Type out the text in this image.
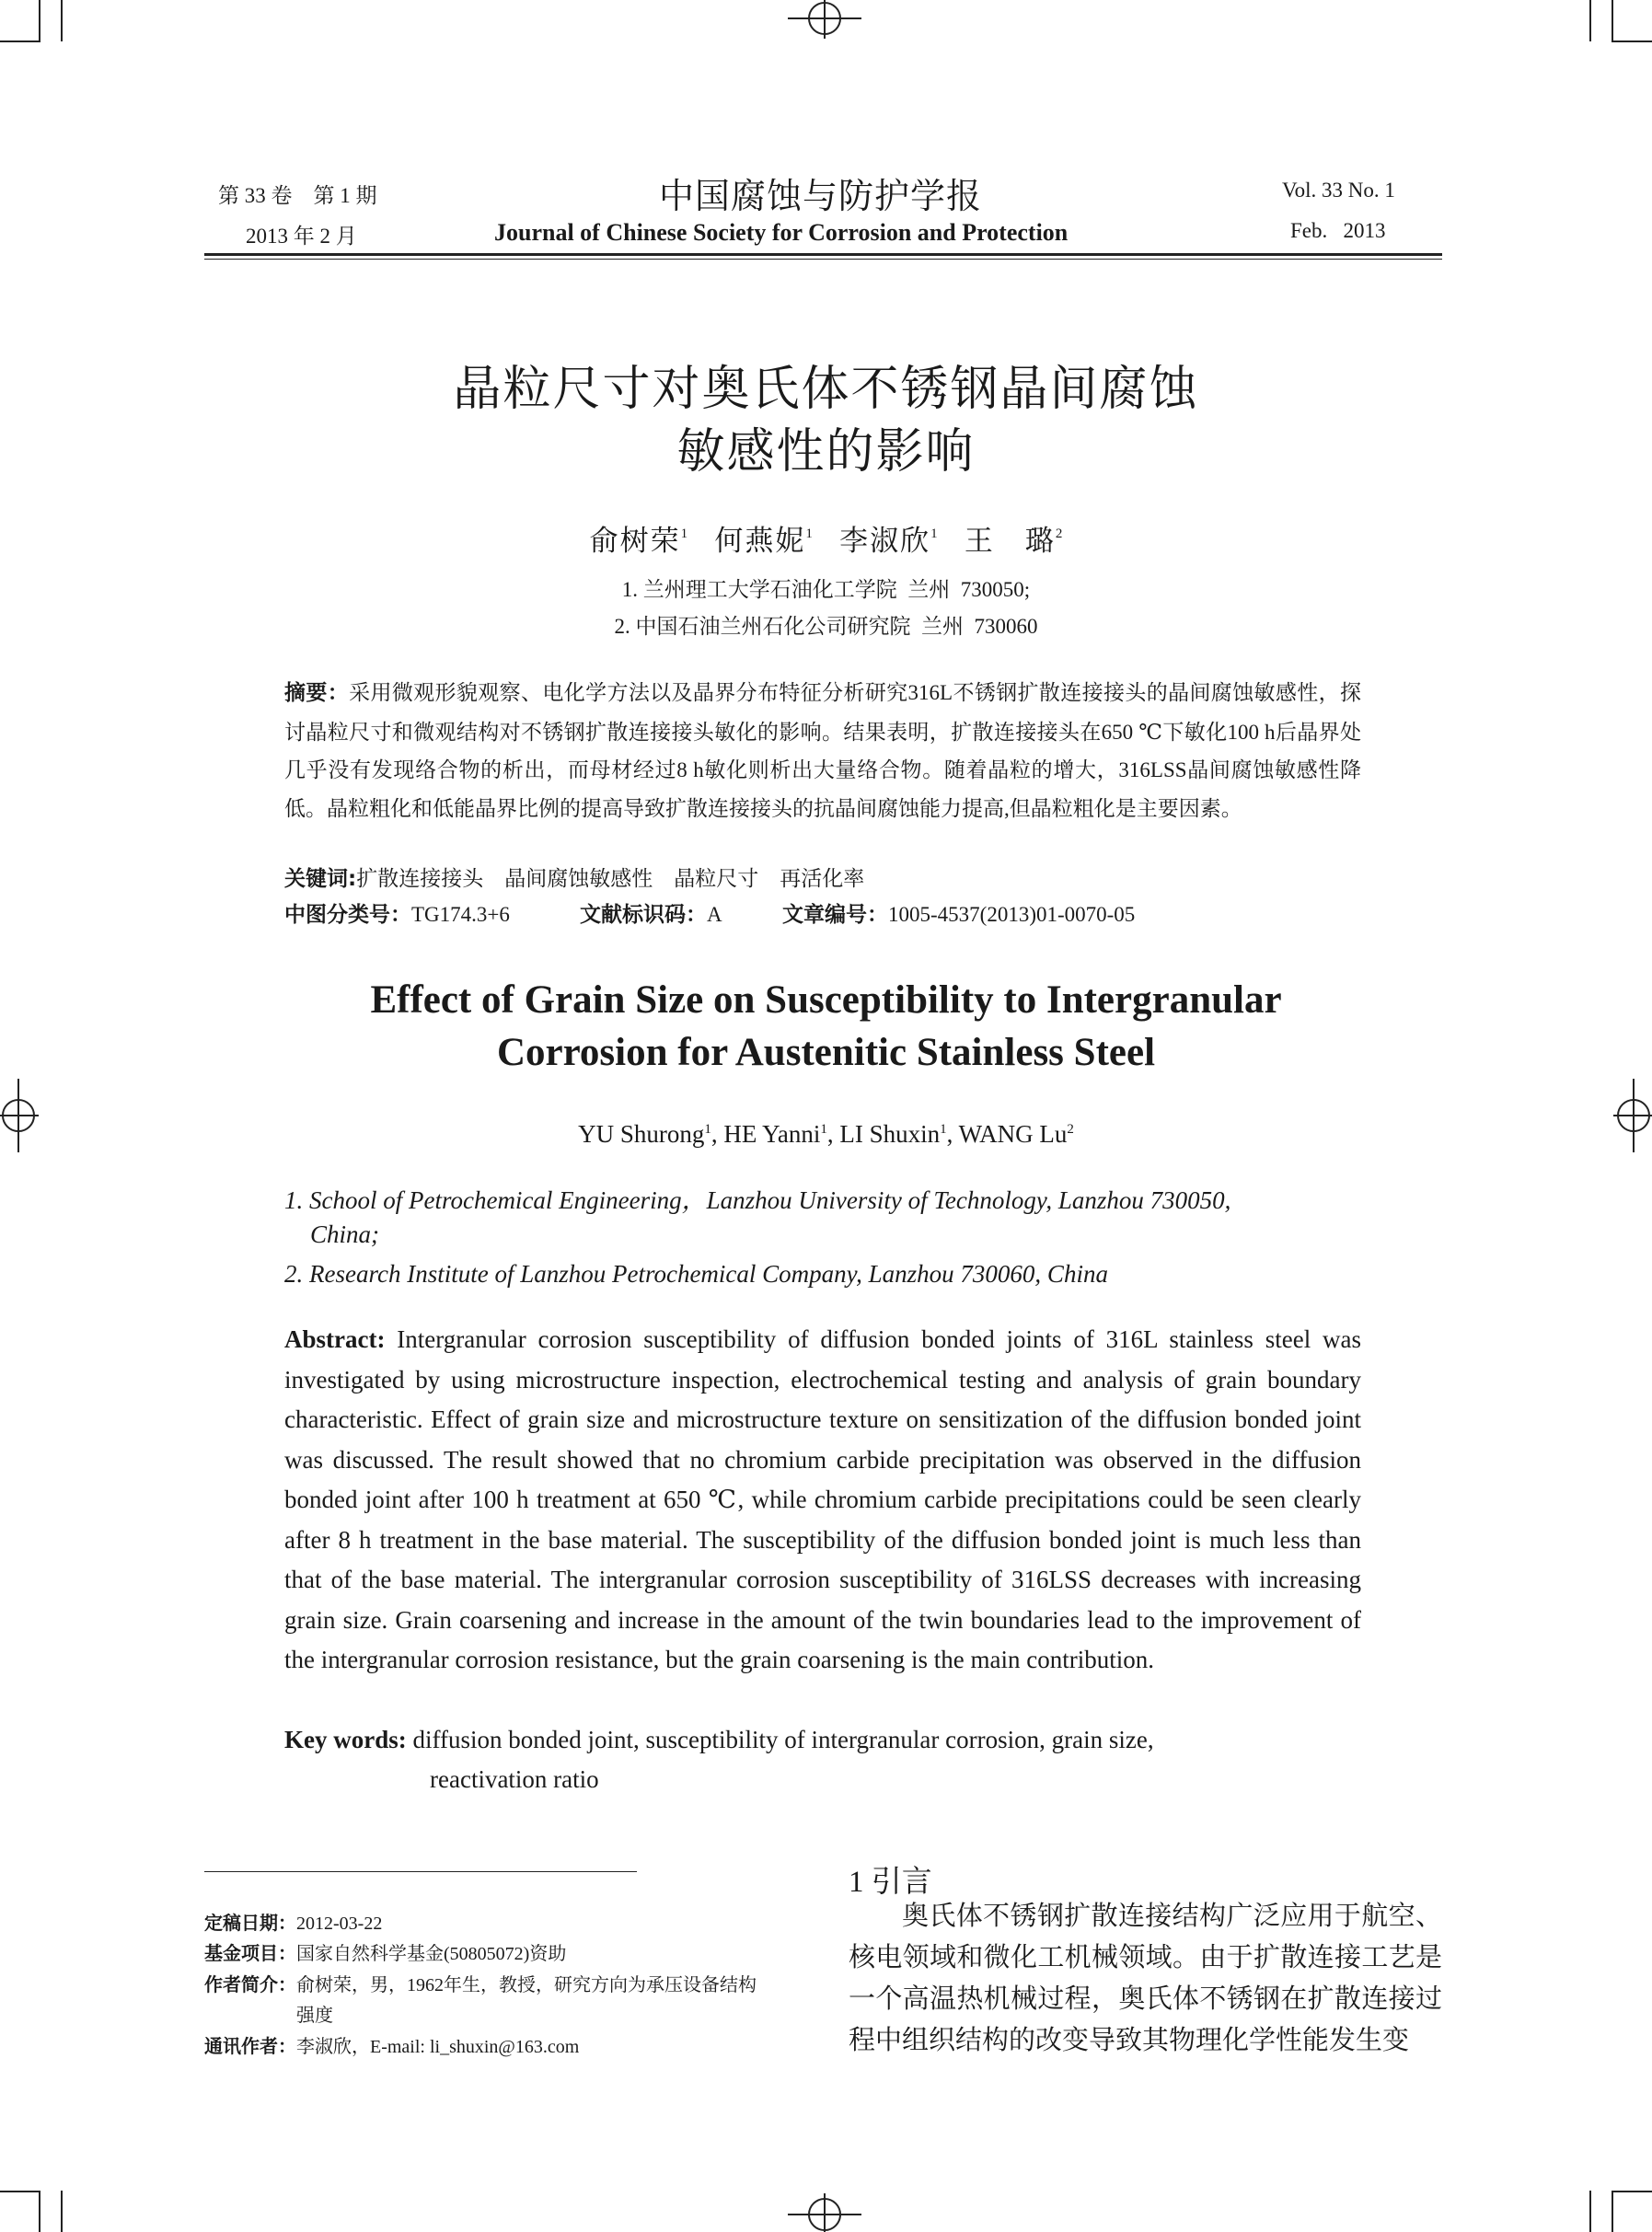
第 33 卷　第 1 期
2013 年 2 月
中国腐蚀与防护学报
Journal of Chinese Society for Corrosion and Protection
Vol. 33 No. 1
Feb.   2013
晶粒尺寸对奥氏体不锈钢晶间腐蚀
敏感性的影响
俞树荣$^1$ 何燕妮$^1$ 李淑欣$^1$ 王　璐$^2$
1. 兰州理工大学石油化工学院  兰州  730050;
2. 中国石油兰州石化公司研究院  兰州  730060
摘要：采用微观形貌观察、电化学方法以及晶界分布特征分析研究316L不锈钢扩散连接接头的晶间腐蚀敏感性，探讨晶粒尺寸和微观结构对不锈钢扩散连接接头敏化的影响。结果表明，扩散连接接头在650 ℃下敏化100 h后晶界处几乎没有发现络合物的析出，而母材经过8 h敏化则析出大量络合物。随着晶粒的增大，316LSS晶间腐蚀敏感性降低。晶粒粗化和低能晶界比例的提高导致扩散连接接头的抗晶间腐蚀能力提高,但晶粒粗化是主要因素。
关键词:扩散连接接头　晶间腐蚀敏感性　晶粒尺寸　再活化率
中图分类号：TG174.3+6	文献标识码：A	文章编号：1005-4537(2013)01-0070-05
Effect of Grain Size on Susceptibility to Intergranular
Corrosion for Austenitic Stainless Steel
YU Shurong$^1$, HE Yanni$^1$, LI Shuxin$^1$, WANG Lu$^2$
1. School of Petrochemical Engineering，Lanzhou University of Technology, Lanzhou 730050,
China;
2. Research Institute of Lanzhou Petrochemical Company, Lanzhou 730060, China
Abstract: Intergranular corrosion susceptibility of diffusion bonded joints of 316L stainless steel was investigated by using microstructure inspection, electrochemical testing and analysis of grain boundary characteristic. Effect of grain size and microstructure texture on sensitization of the diffusion bonded joint was discussed. The result showed that no chromium carbide precipitation was observed in the diffusion bonded joint after 100 h treatment at 650 ℃, while chromium carbide precipitations could be seen clearly after 8 h treatment in the base material. The susceptibility of the diffusion bonded joint is much less than that of the base material. The intergranular corrosion susceptibility of 316LSS decreases with increasing grain size. Grain coarsening and increase in the amount of the twin boundaries lead to the improvement of the intergranular corrosion resistance, but the grain coarsening is the main contribution.
Key words: diffusion bonded joint, susceptibility of intergranular corrosion, grain size,
reactivation ratio
定稿日期：2012-03-22
基金项目：国家自然科学基金(50805072)资助
作者简介：俞树荣，男，1962年生，教授，研究方向为承压设备结构
强度
通讯作者：李淑欣，E-mail: li_shuxin@163.com
1 引言
奥氏体不锈钢扩散连接结构广泛应用于航空、核电领域和微化工机械领域。由于扩散连接工艺是一个高温热机械过程，奥氏体不锈钢在扩散连接过程中组织结构的改变导致其物理化学性能发生变
